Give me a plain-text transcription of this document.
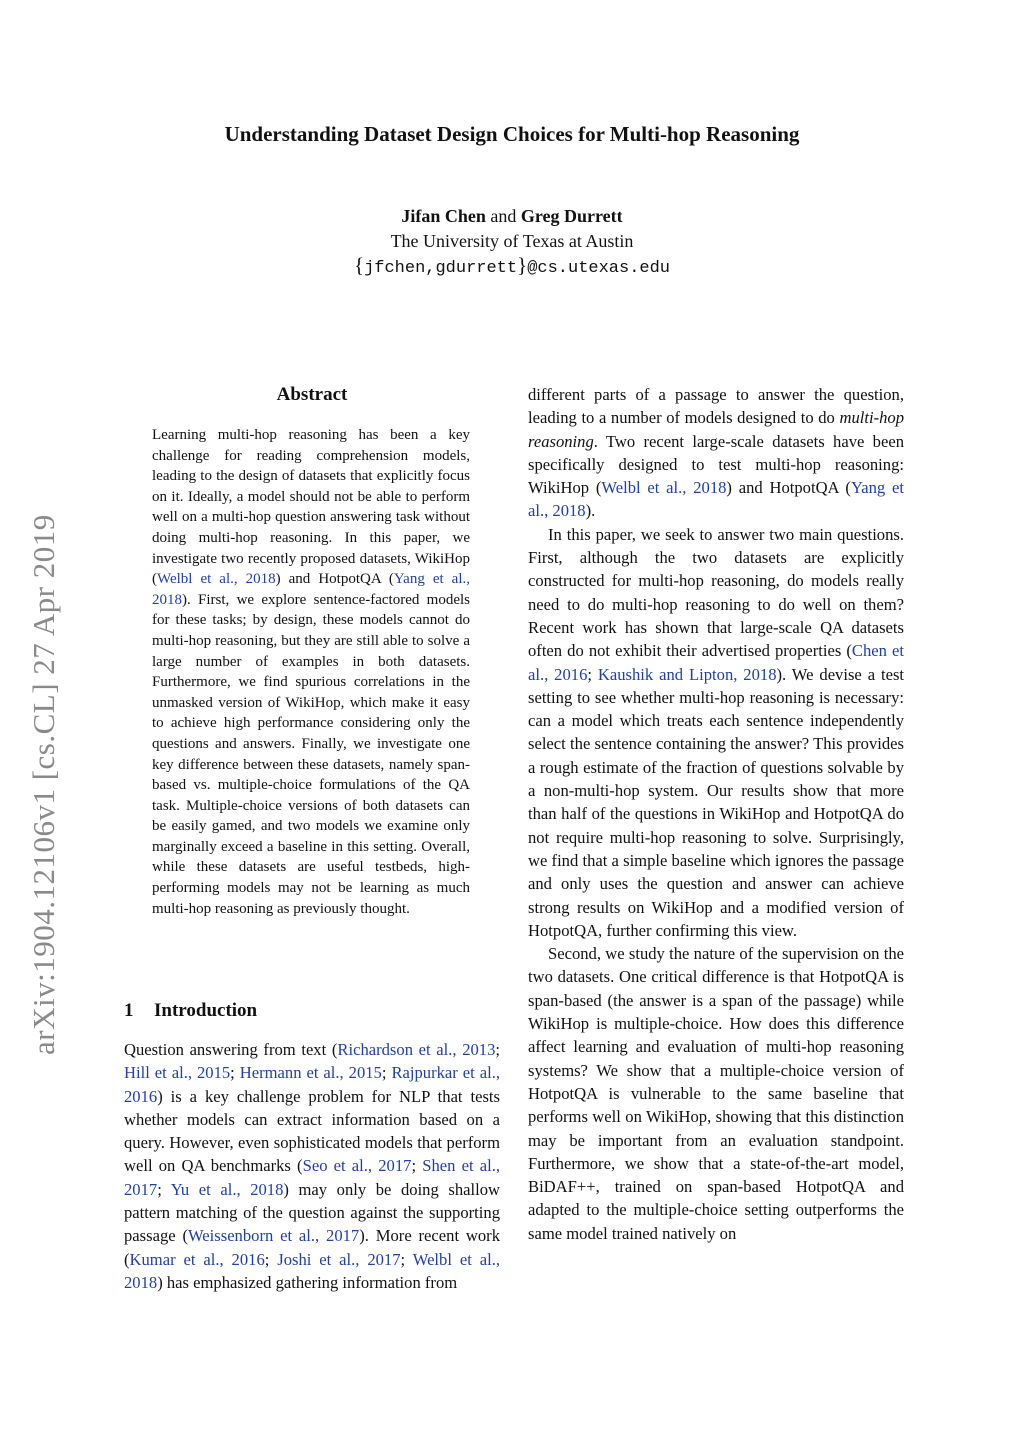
Understanding Dataset Design Choices for Multi-hop Reasoning
Jifan Chen and Greg Durrett
The University of Texas at Austin
{jfchen,gdurrett}@cs.utexas.edu
arXiv:1904.12106v1 [cs.CL] 27 Apr 2019
Abstract
Learning multi-hop reasoning has been a key challenge for reading comprehension models, leading to the design of datasets that explicitly focus on it. Ideally, a model should not be able to perform well on a multi-hop question answering task without doing multi-hop reasoning. In this paper, we investigate two recently proposed datasets, WikiHop (Welbl et al., 2018) and HotpotQA (Yang et al., 2018). First, we explore sentence-factored models for these tasks; by design, these models cannot do multi-hop reasoning, but they are still able to solve a large number of examples in both datasets. Furthermore, we find spurious correlations in the unmasked version of WikiHop, which make it easy to achieve high performance considering only the questions and answers. Finally, we investigate one key difference between these datasets, namely span-based vs. multiple-choice formulations of the QA task. Multiple-choice versions of both datasets can be easily gamed, and two models we examine only marginally exceed a baseline in this setting. Overall, while these datasets are useful testbeds, high-performing models may not be learning as much multi-hop reasoning as previously thought.
1 Introduction

Question answering from text (Richardson et al., 2013; Hill et al., 2015; Hermann et al., 2015; Rajpurkar et al., 2016) is a key challenge problem for NLP that tests whether models can extract information based on a query. However, even sophisticated models that perform well on QA benchmarks (Seo et al., 2017; Shen et al., 2017; Yu et al., 2018) may only be doing shallow pattern matching of the question against the supporting passage (Weissenborn et al., 2017). More recent work (Kumar et al., 2016; Joshi et al., 2017; Welbl et al., 2018) has emphasized gathering information from

different parts of a passage to answer the question, leading to a number of models designed to do multi-hop reasoning. Two recent large-scale datasets have been specifically designed to test multi-hop reasoning: WikiHop (Welbl et al., 2018) and HotpotQA (Yang et al., 2018).

In this paper, we seek to answer two main questions. First, although the two datasets are explicitly constructed for multi-hop reasoning, do models really need to do multi-hop reasoning to do well on them? Recent work has shown that large-scale QA datasets often do not exhibit their advertised properties (Chen et al., 2016; Kaushik and Lipton, 2018). We devise a test setting to see whether multi-hop reasoning is necessary: can a model which treats each sentence independently select the sentence containing the answer? This provides a rough estimate of the fraction of questions solvable by a non-multi-hop system. Our results show that more than half of the questions in WikiHop and HotpotQA do not require multi-hop reasoning to solve. Surprisingly, we find that a simple baseline which ignores the passage and only uses the question and answer can achieve strong results on WikiHop and a modified version of HotpotQA, further confirming this view.

Second, we study the nature of the supervision on the two datasets. One critical difference is that HotpotQA is span-based (the answer is a span of the passage) while WikiHop is multiple-choice. How does this difference affect learning and evaluation of multi-hop reasoning systems? We show that a multiple-choice version of HotpotQA is vulnerable to the same baseline that performs well on WikiHop, showing that this distinction may be important from an evaluation standpoint. Furthermore, we show that a state-of-the-art model, BiDAF++, trained on span-based HotpotQA and adapted to the multiple-choice setting outperforms the same model trained natively on
